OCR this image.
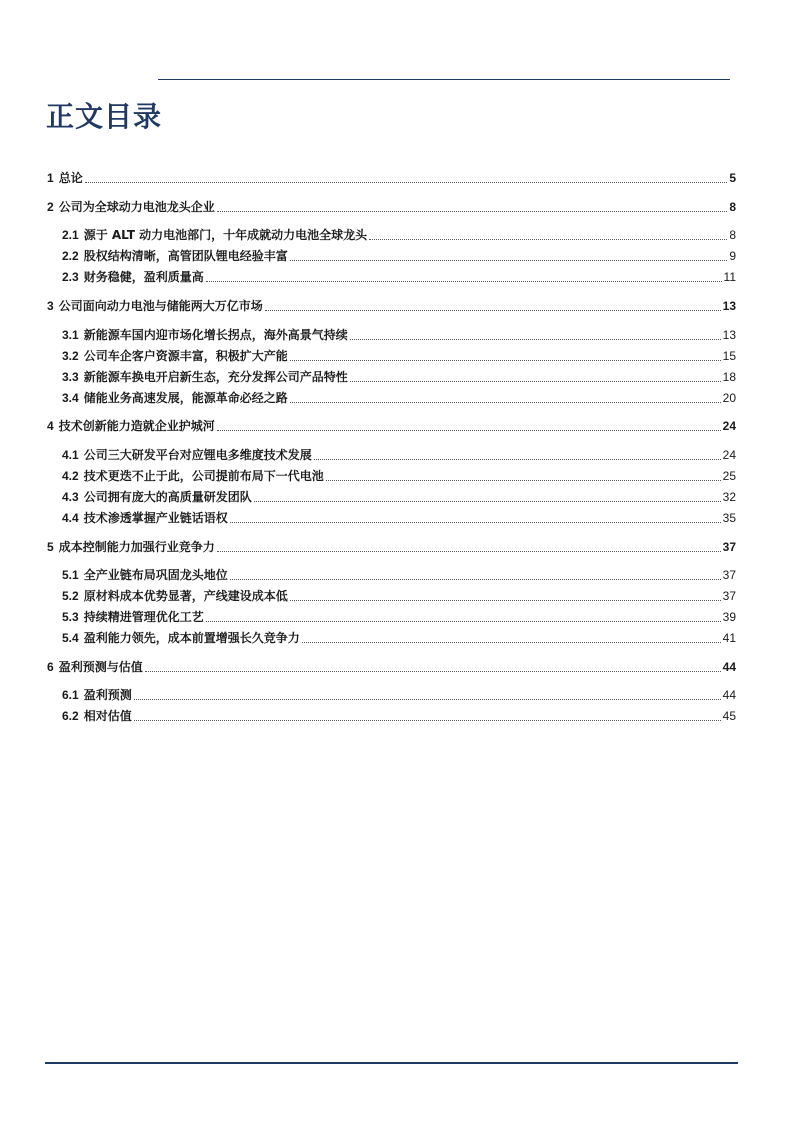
正文目录
1 总论	5
2 公司为全球动力电池龙头企业	8
2.1 源于 ALT 动力电池部门，十年成就动力电池全球龙头	8
2.2 股权结构清晰，高管团队锂电经验丰富	9
2.3 财务稳健，盈利质量高	11
3 公司面向动力电池与储能两大万亿市场	13
3.1 新能源车国内迎市场化增长拐点，海外高景气持续	13
3.2 公司车企客户资源丰富，积极扩大产能	15
3.3 新能源车换电开启新生态，充分发挥公司产品特性	18
3.4 储能业务高速发展，能源革命必经之路	20
4 技术创新能力造就企业护城河	24
4.1 公司三大研发平台对应锂电多维度技术发展	24
4.2 技术更迭不止于此，公司提前布局下一代电池	25
4.3 公司拥有庞大的高质量研发团队	32
4.4 技术渗透掌握产业链话语权	35
5 成本控制能力加强行业竞争力	37
5.1 全产业链布局巩固龙头地位	37
5.2 原材料成本优势显著，产线建设成本低	37
5.3 持续精进管理优化工艺	39
5.4 盈利能力领先，成本前置增强长久竞争力	41
6 盈利预测与估值	44
6.1 盈利预测	44
6.2 相对估值	45
